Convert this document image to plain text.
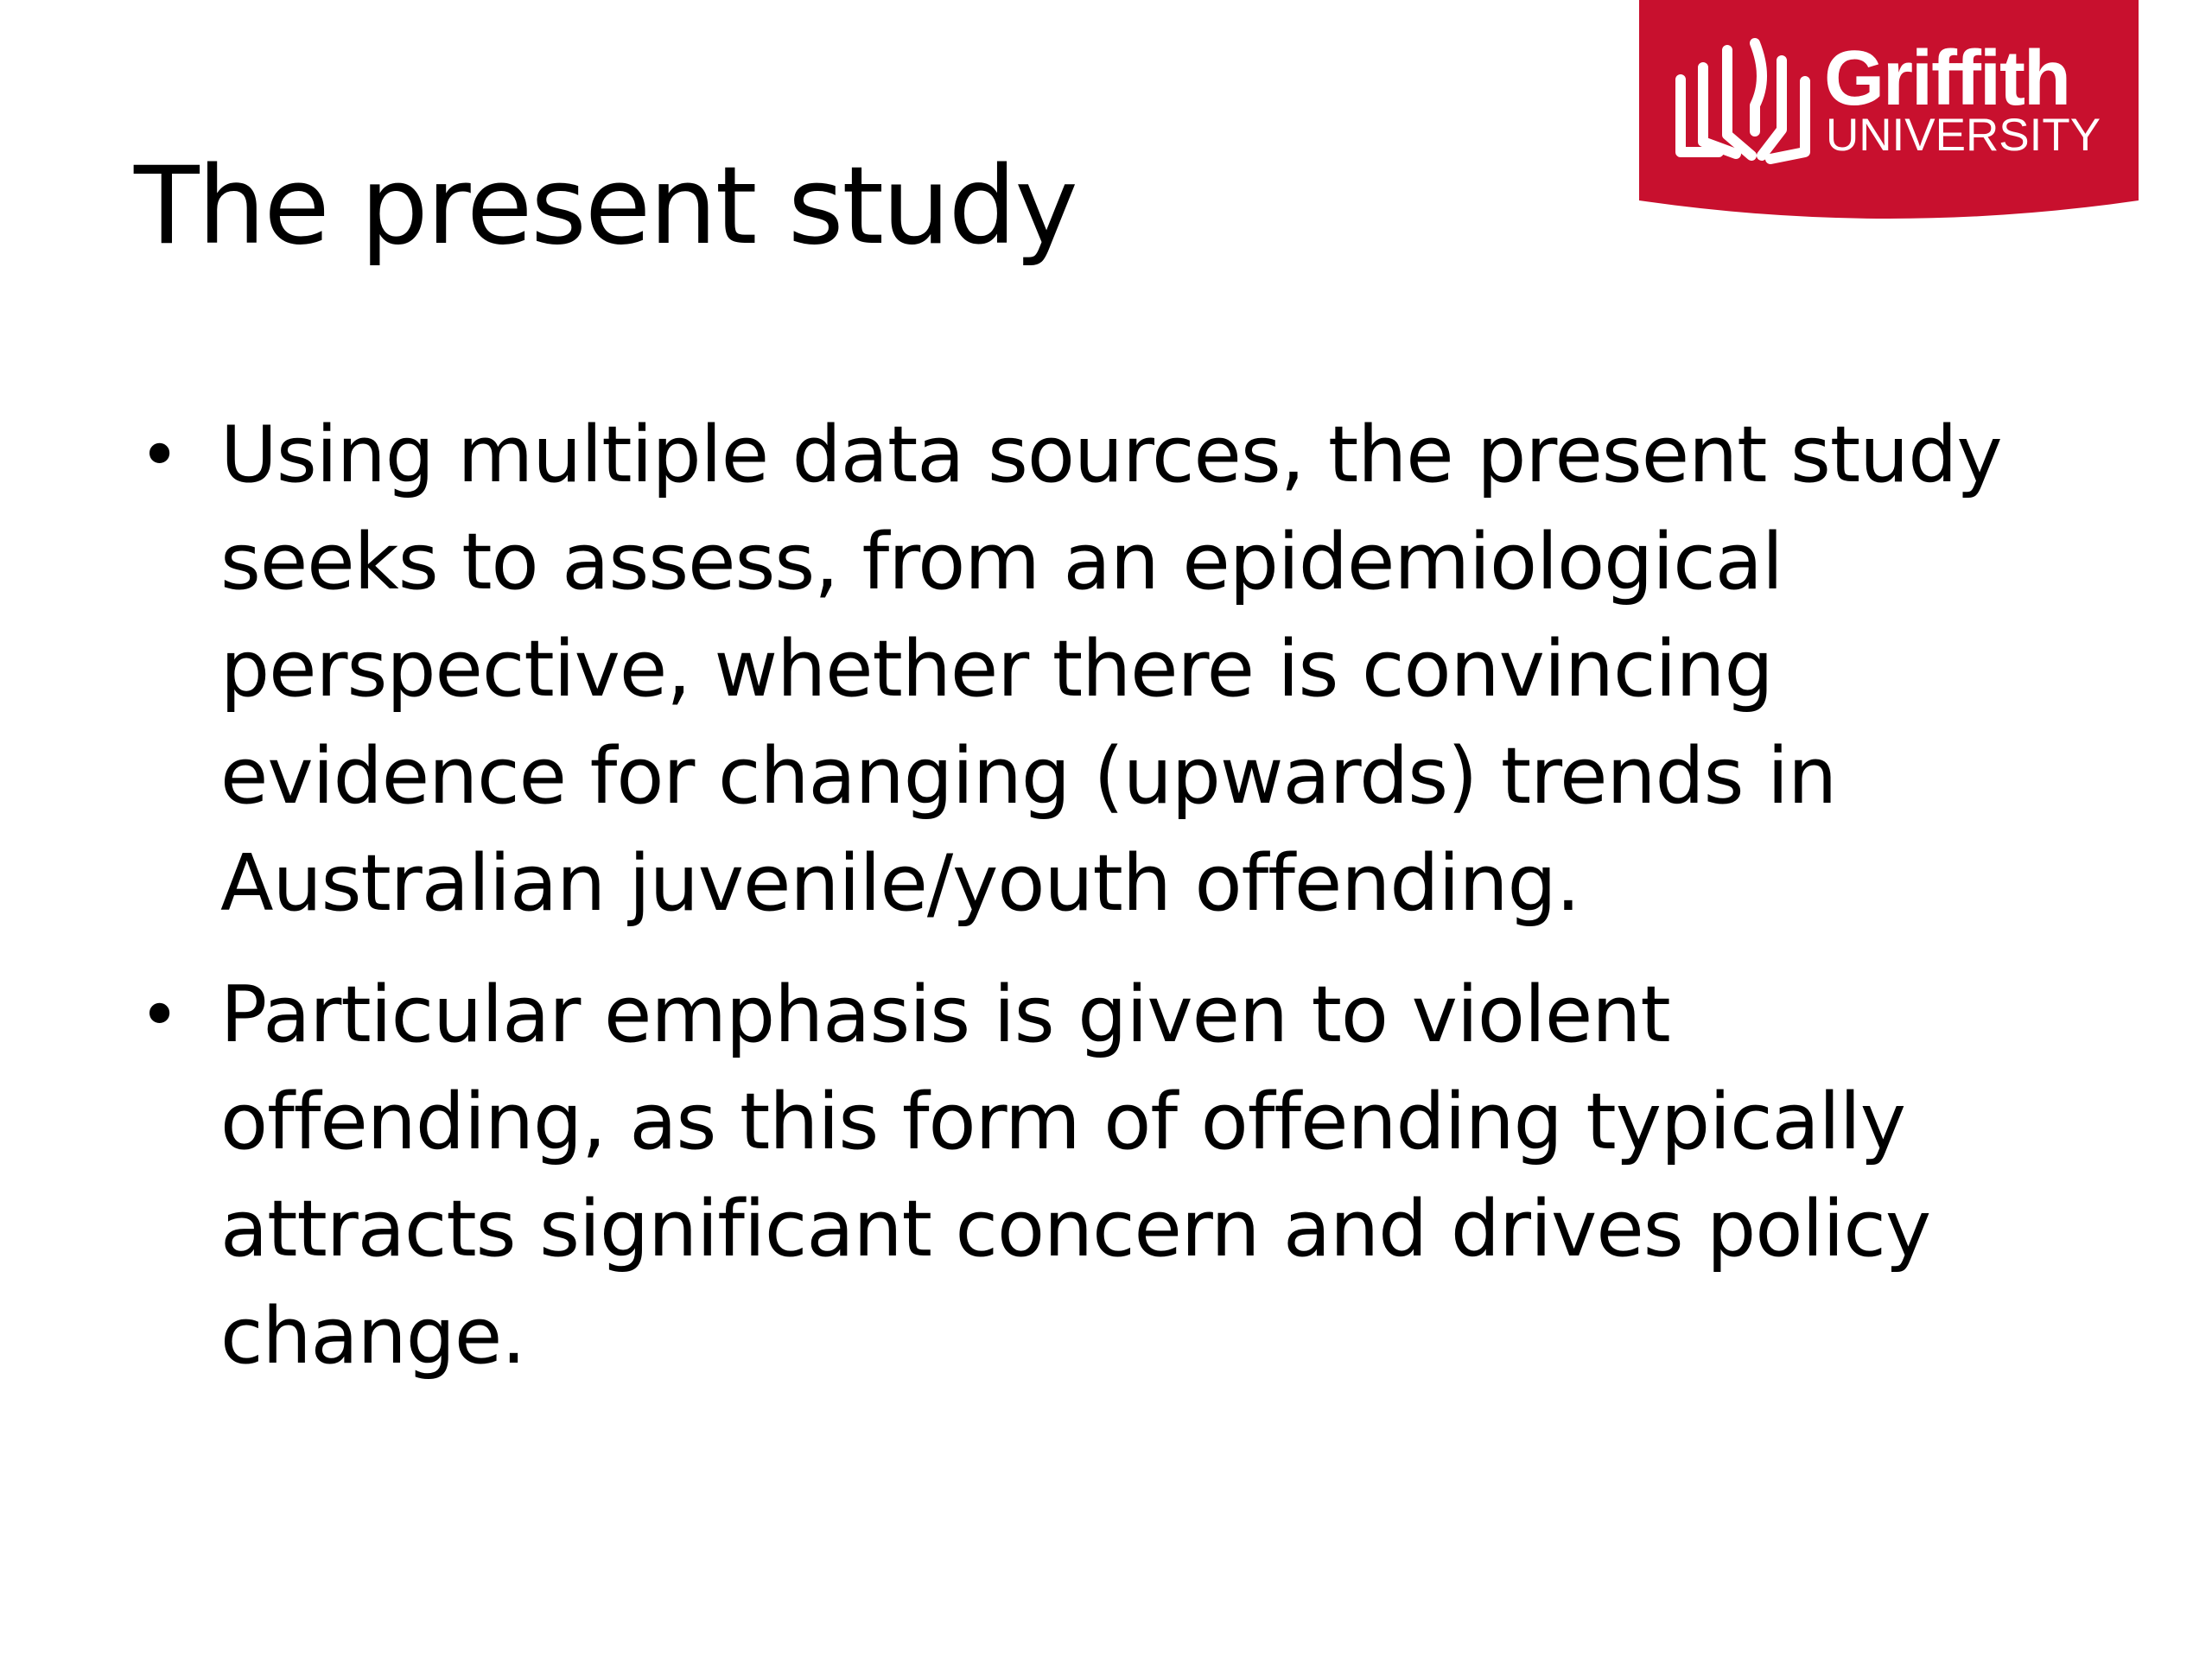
Griffith
UNIVERSITY
The present study
• Using multiple data sources, the present study
seeks to assess, from an epidemiological
perspective, whether there is convincing
evidence for changing (upwards) trends in
Australian juvenile/youth offending.
• Particular emphasis is given to violent
offending, as this form of offending typically
attracts significant concern and drives policy
change.
